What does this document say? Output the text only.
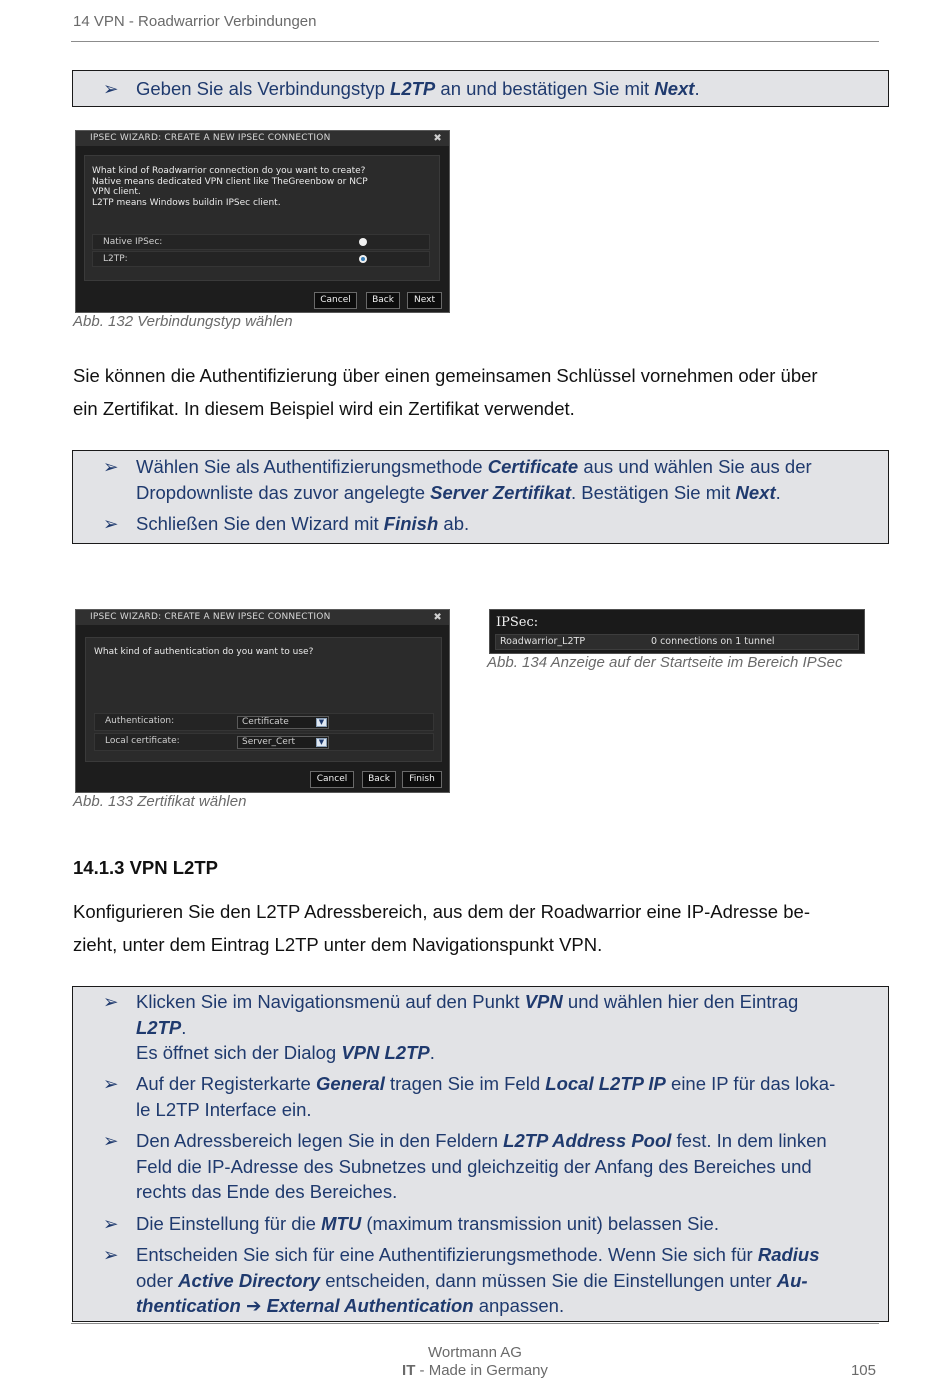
14 VPN - Roadwarrior Verbindungen
➢ Geben Sie als Verbindungstyp L2TP an und bestätigen Sie mit Next.
IPSEC WIZARD: CREATE A NEW IPSEC CONNECTION	✖
What kind of Roadwarrior connection do you want to create?
Native means dedicated VPN client like TheGreenbow or NCP
VPN client.
L2TP means Windows buildin IPSec client.
Native IPSec:
L2TP:
Cancel	Back	Next
Abb. 132 Verbindungstyp wählen
Sie können die Authentifizierung über einen gemeinsamen Schlüssel vornehmen oder über
ein Zertifikat. In diesem Beispiel wird ein Zertifikat verwendet.
➢ Wählen Sie als Authentifizierungsmethode Certificate aus und wählen Sie aus der
Dropdownliste das zuvor angelegte Server Zertifikat. Bestätigen Sie mit Next.
➢ Schließen Sie den Wizard mit Finish ab.
IPSEC WIZARD: CREATE A NEW IPSEC CONNECTION	✖
What kind of authentication do you want to use?
Authentication:	Certificate	▼
Local certificate:	Server_Cert	▼
Cancel	Back	Finish
Abb. 133 Zertifikat wählen
IPSec:
Roadwarrior_L2TP	0 connections on 1 tunnel
Abb. 134 Anzeige auf der Startseite im Bereich IPSec
14.1.3 VPN L2TP
Konfigurieren Sie den L2TP Adressbereich, aus dem der Roadwarrior eine IP-Adresse be-
zieht, unter dem Eintrag L2TP unter dem Navigationspunkt VPN.
➢ Klicken Sie im Navigationsmenü auf den Punkt VPN und wählen hier den Eintrag
L2TP.
Es öffnet sich der Dialog VPN L2TP.
➢ Auf der Registerkarte General tragen Sie im Feld Local L2TP IP eine IP für das loka-
le L2TP Interface ein.
➢ Den Adressbereich legen Sie in den Feldern L2TP Address Pool fest. In dem linken
Feld die IP-Adresse des Subnetzes und gleichzeitig der Anfang des Bereiches und
rechts das Ende des Bereiches.
➢ Die Einstellung für die MTU (maximum transmission unit) belassen Sie.
➢ Entscheiden Sie sich für eine Authentifizierungsmethode. Wenn Sie sich für Radius
oder Active Directory entscheiden, dann müssen Sie die Einstellungen unter Au-
thentication ➔ External Authentication anpassen.
Wortmann AG
IT - Made in Germany	105
